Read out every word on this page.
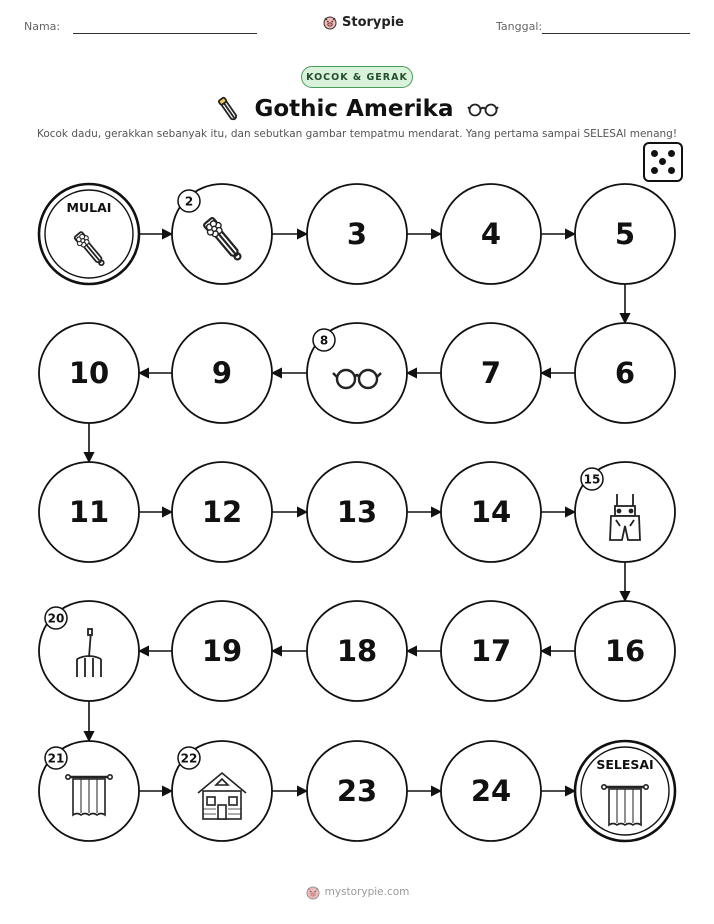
Nama:	Storypie	Tanggal:
KOCOK & GERAK
Gothic Amerika
Kocok dadu, gerakkan sebanyak itu, dan sebutkan gambar tempatmu mendarat. Yang pertama sampai SELESAI menang!
MULAI	2
3	4	5
6
7
8
9
10
11	12	13	14
15
16
17
18
19
20
21	22
23	24
SELESAI
mystorypie.com
